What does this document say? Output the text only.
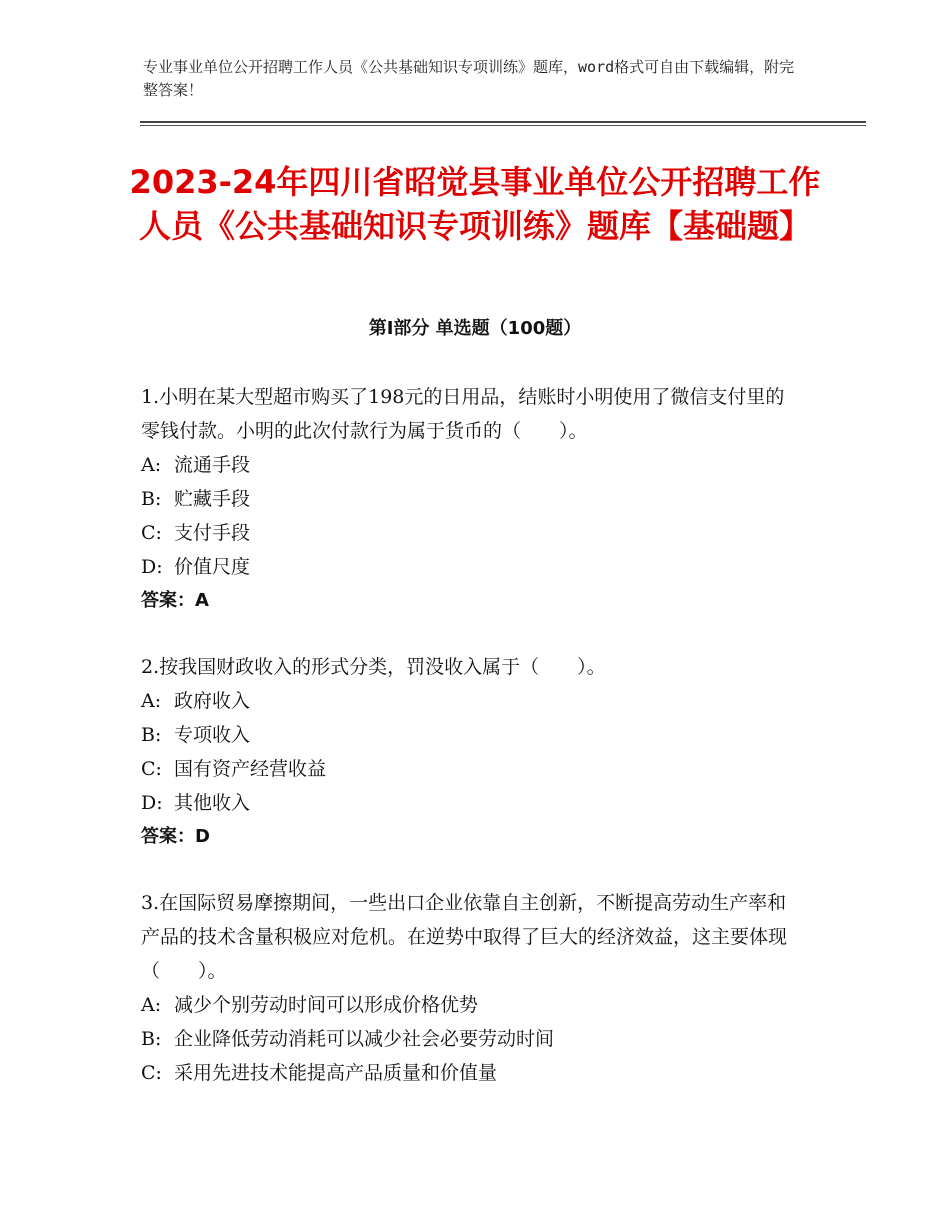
专业事业单位公开招聘工作人员《公共基础知识专项训练》题库，word格式可自由下载编辑，附完整答案！
2023-24年四川省昭觉县事业单位公开招聘工作人员《公共基础知识专项训练》题库【基础题】
第Ⅰ部分 单选题（100题）
1.小明在某大型超市购买了198元的日用品，结账时小明使用了微信支付里的零钱付款。小明的此次付款行为属于货币的（　　）。
A: 流通手段
B: 贮藏手段
C: 支付手段
D: 价值尺度
答案：A
2.按我国财政收入的形式分类，罚没收入属于（　　）。
A: 政府收入
B: 专项收入
C: 国有资产经营收益
D: 其他收入
答案：D
3.在国际贸易摩擦期间，一些出口企业依靠自主创新，不断提高劳动生产率和产品的技术含量积极应对危机。在逆势中取得了巨大的经济效益，这主要体现（　　）。
A: 减少个别劳动时间可以形成价格优势
B: 企业降低劳动消耗可以减少社会必要劳动时间
C: 采用先进技术能提高产品质量和价值量
